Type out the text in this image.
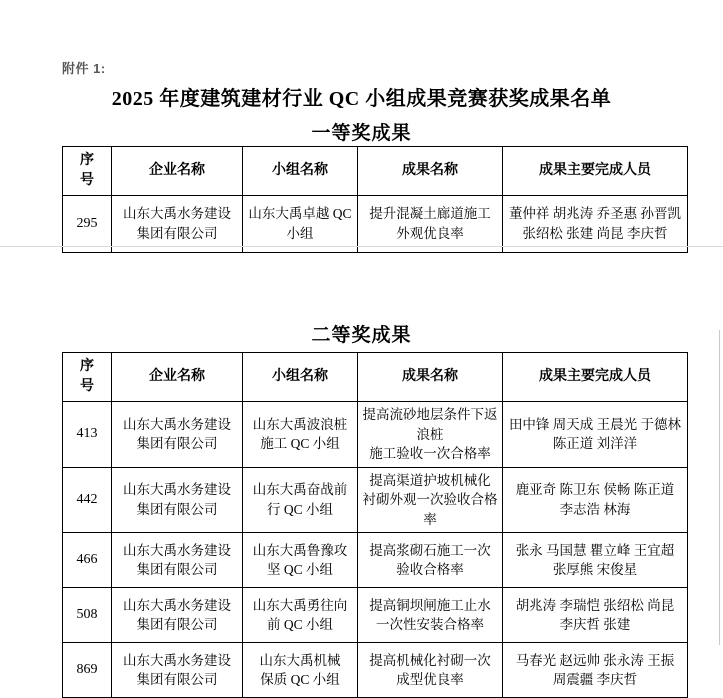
附件 1:
2025 年度建筑建材行业 QC 小组成果竞赛获奖成果名单
一等奖成果
序
号	企业名称	小组名称	成果名称	成果主要完成人员
295	山东大禹水务建设
集团有限公司	山东大禹卓越 QC
小组	提升混凝土廊道施工
外观优良率	董仲祥 胡兆涛 乔圣惠 孙晋凯
张绍松 张建 尚昆 李庆哲
二等奖成果
序
号	企业名称	小组名称	成果名称	成果主要完成人员
413	山东大禹水务建设
集团有限公司	山东大禹波浪桩
施工 QC 小组	提高流砂地层条件下返浪桩
施工验收一次合格率	田中锋 周天成 王晨光 于德林
陈正道 刘洋洋

442	山东大禹水务建设
集团有限公司	山东大禹奋战前
行 QC 小组	提高渠道护坡机械化
衬砌外观一次验收合格率	鹿亚奇 陈卫东 侯畅 陈正道
李志浩 林海

466	山东大禹水务建设
集团有限公司	山东大禹鲁豫攻
坚 QC 小组	提高浆砌石施工一次
验收合格率	张永 马国慧 瞿立峰 王宜超
张厚熊 宋俊星

508	山东大禹水务建设
集团有限公司	山东大禹勇往向
前 QC 小组	提高铜坝闸施工止水
一次性安装合格率	胡兆涛 李瑞恺 张绍松 尚昆
李庆哲 张建

869	山东大禹水务建设
集团有限公司	山东大禹机械
保质 QC 小组	提高机械化衬砌一次
成型优良率	马春光 赵远帅 张永涛 王振
周震疆 李庆哲
